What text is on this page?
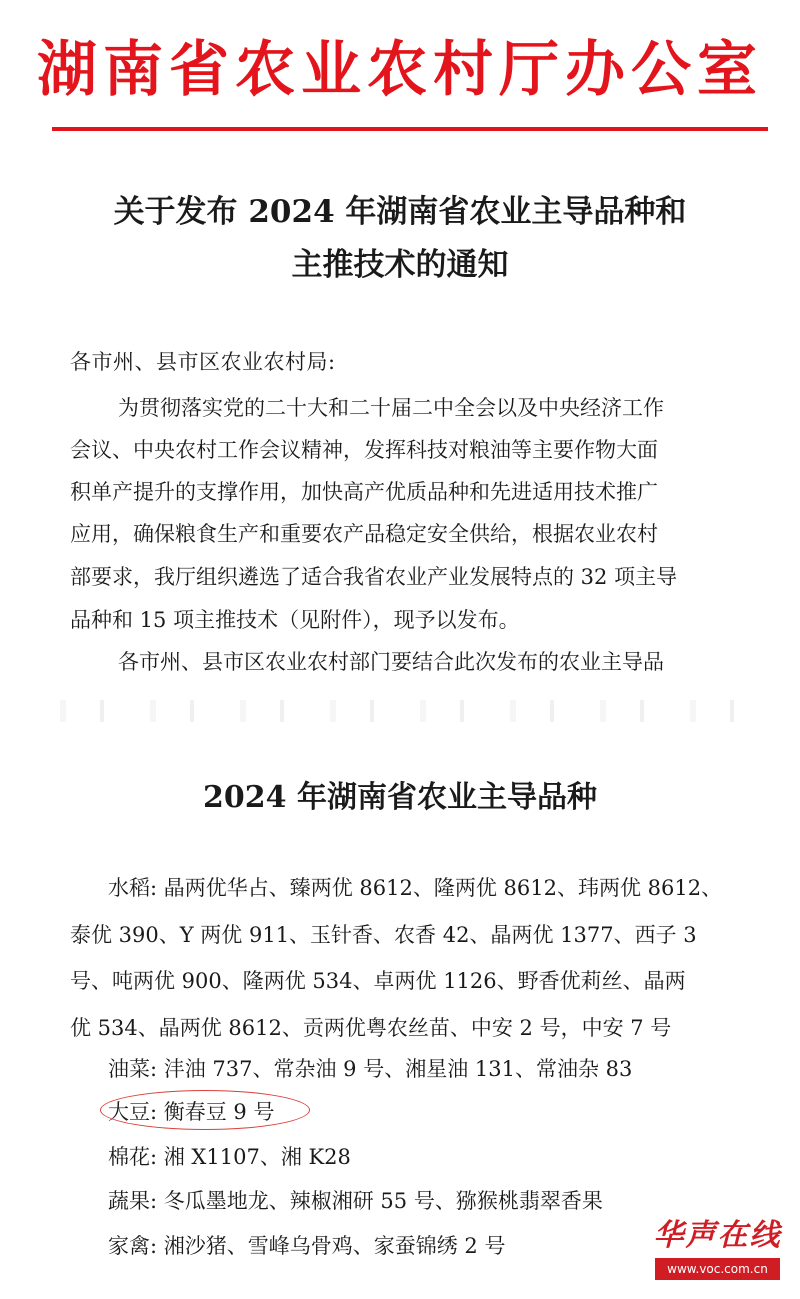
湖南省农业农村厅办公室
关于发布 2024 年湖南省农业主导品种和
主推技术的通知
各市州、县市区农业农村局:
为贯彻落实党的二十大和二十届二中全会以及中央经济工作
会议、中央农村工作会议精神，发挥科技对粮油等主要作物大面
积单产提升的支撑作用，加快高产优质品种和先进适用技术推广
应用，确保粮食生产和重要农产品稳定安全供给，根据农业农村
部要求，我厅组织遴选了适合我省农业产业发展特点的 32 项主导
品种和 15 项主推技术（见附件），现予以发布。
各市州、县市区农业农村部门要结合此次发布的农业主导品
2024 年湖南省农业主导品种
水稻: 晶两优华占、臻两优 8612、隆两优 8612、玮两优 8612、
泰优 390、Y 两优 911、玉针香、农香 42、晶两优 1377、西子 3
号、吨两优 900、隆两优 534、卓两优 1126、野香优莉丝、晶两
优 534、晶两优 8612、贡两优粤农丝苗、中安 2 号，中安 7 号
油菜: 沣油 737、常杂油 9 号、湘星油 131、常油杂 83
大豆: 衡春豆 9 号
棉花: 湘 X1107、湘 K28
蔬果: 冬瓜墨地龙、辣椒湘研 55 号、猕猴桃翡翠香果
家禽: 湘沙猪、雪峰乌骨鸡、家蚕锦绣 2 号	华声在线
www.voc.com.cn
